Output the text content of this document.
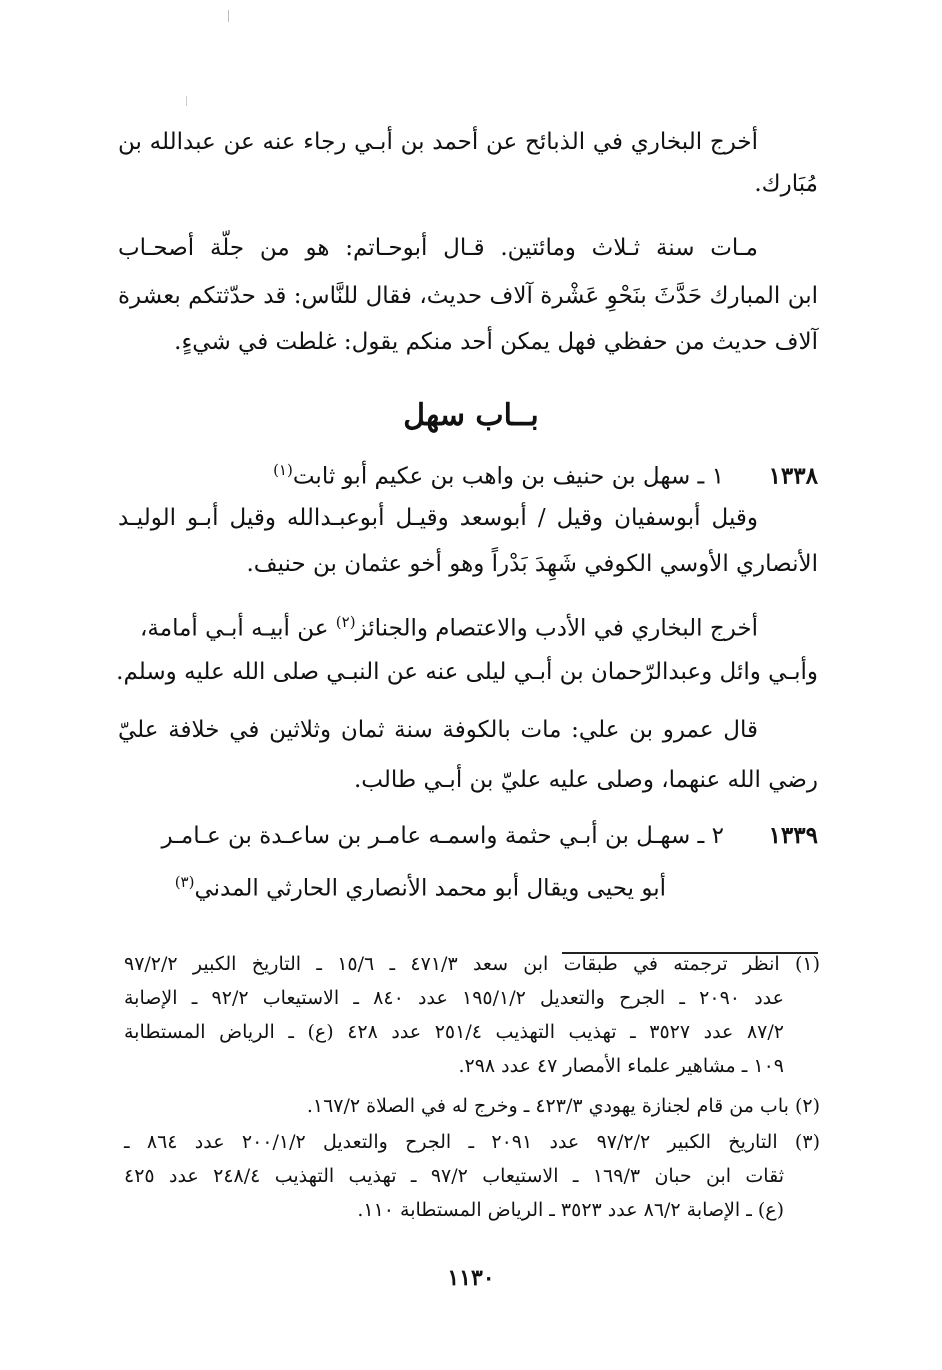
أخرج البخاري في الذبائح عن أحمد بن أبـي رجاء عنه عن عبدالله بن
مُبَارك.
مـات سنة ثـلاث ومائتين. قـال أبوحـاتم: هو من جلّة أصحـاب
ابن المبارك حَدَّثَ بنَحْوِ عَشْرة آلاف حديث، فقال للنَّاس: قد حدّثتكم بعشرة
آلاف حديث من حفظي فهل يمكن أحد منكم يقول: غلطت في شيءٍ.
بــاب سهل
١٣٣٨  ١ ـ سهل بن حنيف بن واهب بن عكيم أبو ثابت$^{(١)}$
وقيل أبوسفيان وقيل / أبوسعد وقيـل أبوعبـدالله وقيل أبـو الوليـد
الأنصاري الأوسي الكوفي شَهِدَ بَدْراً وهو أخو عثمان بن حنيف.
أخرج البخاري في الأدب والاعتصام والجنائز$^{(٢)}$ عن أبيـه أبـي أمامة،
وأبـي وائل وعبدالرّحمان بن أبـي ليلى عنه عن النبـي صلى الله عليه وسلم.
قال عمرو بن علي: مات بالكوفة سنة ثمان وثلاثين في خلافة عليّ
رضي الله عنهما، وصلى عليه عليّ بن أبـي طالب.
١٣٣٩  ٢ ـ سهـل بن أبـي حثمة واسمـه عامـر بن ساعـدة بن عـامـر
أبو يحيى ويقال أبو محمد الأنصاري الحارثي المدني$^{(٣)}$
(١) انظر ترجمته في طبقات ابن سعد ٤٧١/٣ ـ ١٥/٦ ـ التاريخ الكبير ٩٧/٢/٢
عدد ٢٠٩٠ ـ الجرح والتعديل ١٩٥/١/٢ عدد ٨٤٠ ـ الاستيعاب ٩٢/٢ ـ الإصابة
٨٧/٢ عدد ٣٥٢٧ ـ تهذيب التهذيب ٢٥١/٤ عدد ٤٢٨ (ع) ـ الرياض المستطابة
١٠٩ ـ مشاهير علماء الأمصار ٤٧ عدد ٢٩٨.
(٢) باب من قام لجنازة يهودي ٤٢٣/٣ ـ وخرج له في الصلاة ١٦٧/٢.
(٣) التاريخ الكبير ٩٧/٢/٢ عدد ٢٠٩١ ـ الجرح والتعديل ٢٠٠/١/٢ عدد ٨٦٤ ـ
ثقات ابن حبان ١٦٩/٣ ـ الاستيعاب ٩٧/٢ ـ تهذيب التهذيب ٢٤٨/٤ عدد ٤٢٥
(ع) ـ الإصابة ٨٦/٢ عدد ٣٥٢٣ ـ الرياض المستطابة ١١٠.
١١٣٠
